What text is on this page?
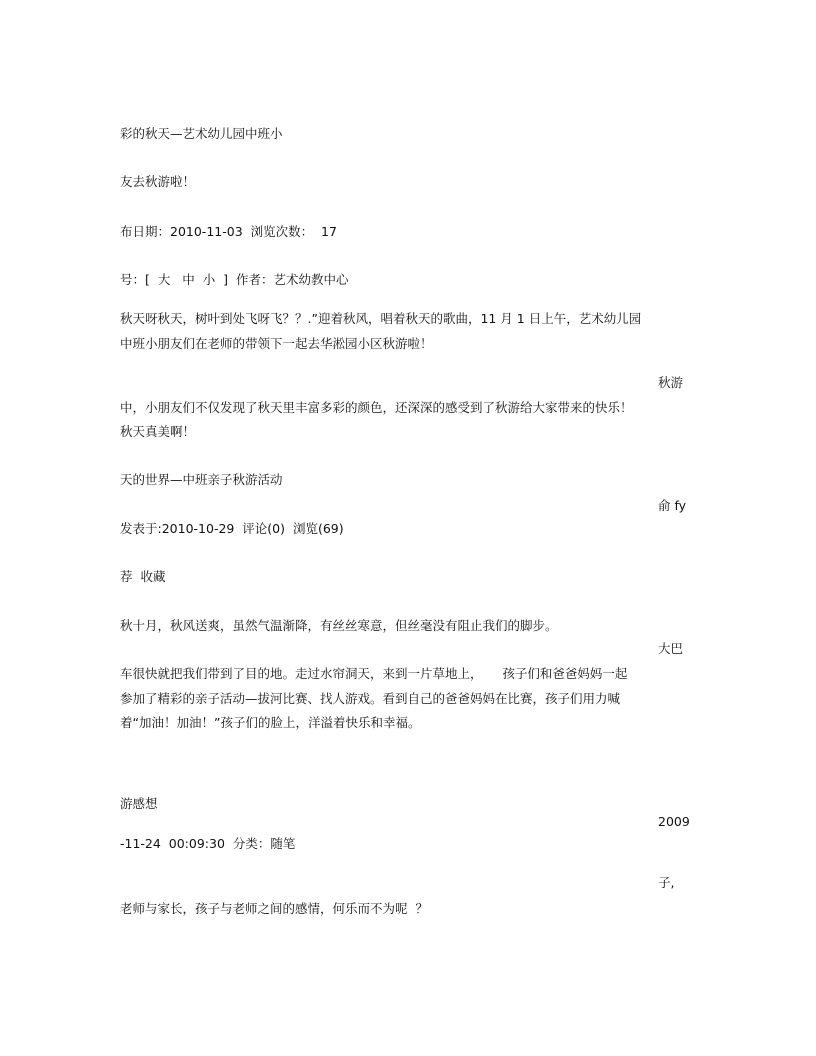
彩的秋天—艺术幼儿园中班小
友去秋游啦！
布日期：2010-11-03  浏览次数：  17
号：[  大   中  小  ]  作者：艺术幼教中心
秋天呀秋天，树叶到处飞呀飞？？.”迎着秋风，唱着秋天的歌曲，11 月 1 日上午，艺术幼儿园
中班小朋友们在老师的带领下一起去华淞园小区秋游啦！
秋游
中，小朋友们不仅发现了秋天里丰富多彩的颜色，还深深的感受到了秋游给大家带来的快乐！
秋天真美啊！
天的世界—中班亲子秋游活动
俞 fy
发表于:2010-10-29  评论(0)  浏览(69)
荐  收藏
秋十月，秋风送爽，虽然气温渐降，有丝丝寒意，但丝毫没有阻止我们的脚步。
大巴
车很快就把我们带到了目的地。走过水帘洞天，来到一片草地上，     孩子们和爸爸妈妈一起
参加了精彩的亲子活动—拔河比赛、找人游戏。看到自己的爸爸妈妈在比赛，孩子们用力喊
着“加油！加油！”孩子们的脸上，洋溢着快乐和幸福。
游感想
2009
-11-24  00:09:30  分类：随笔
子,
老师与家长，孩子与老师之间的感情，何乐而不为呢  ？
